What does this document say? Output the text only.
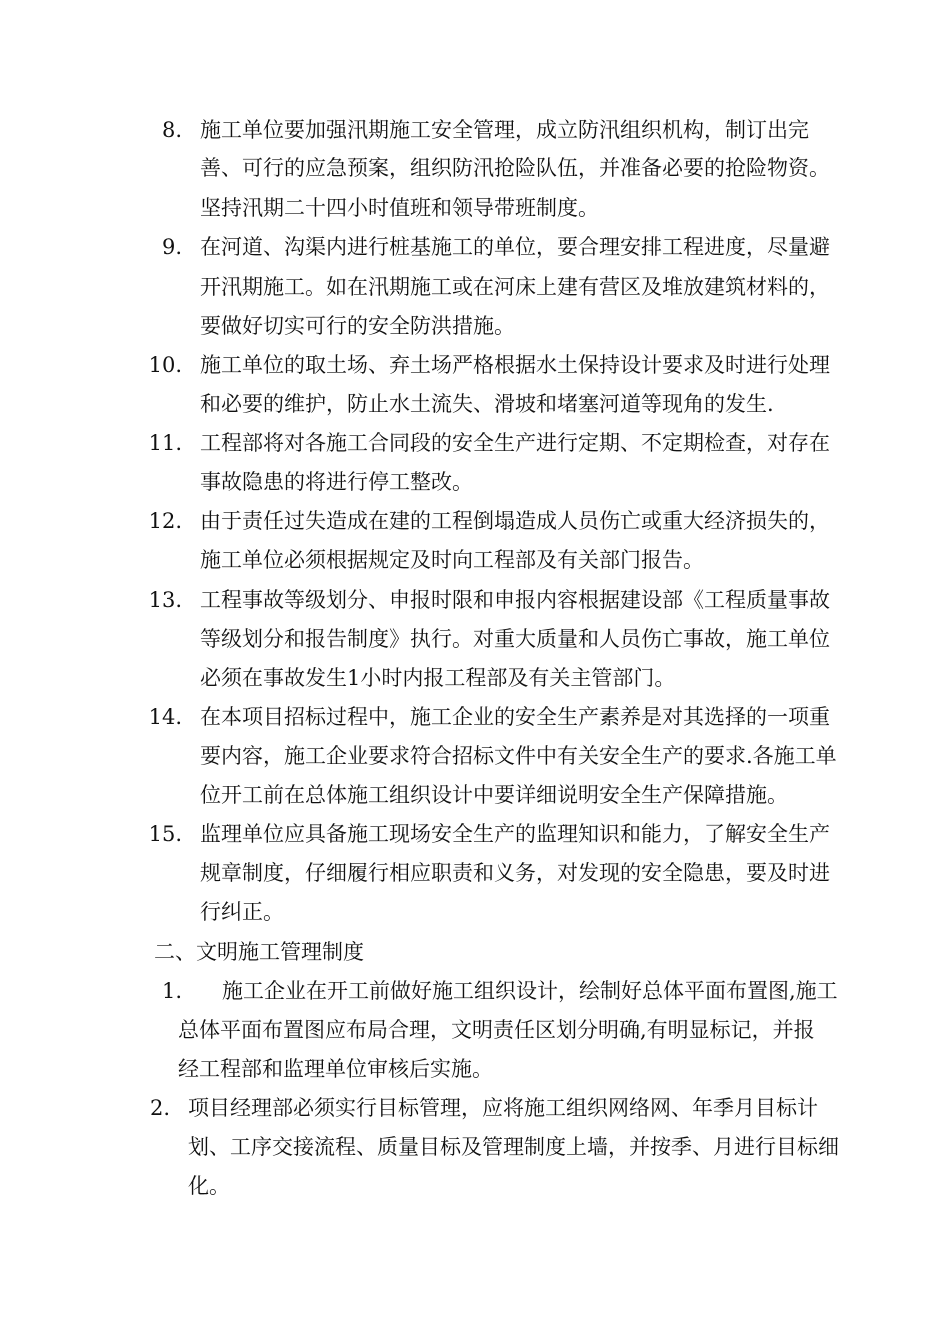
8. 施工单位要加强汛期施工安全管理，成立防汛组织机构，制订出完
善、可行的应急预案，组织防汛抢险队伍，并准备必要的抢险物资。
坚持汛期二十四小时值班和领导带班制度。
9. 在河道、沟渠内进行桩基施工的单位，要合理安排工程进度，尽量避
开汛期施工。如在汛期施工或在河床上建有营区及堆放建筑材料的，
要做好切实可行的安全防洪措施。
10. 施工单位的取土场、弃土场严格根据水土保持设计要求及时进行处理
和必要的维护，防止水土流失、滑坡和堵塞河道等现角的发生.
11. 工程部将对各施工合同段的安全生产进行定期、不定期检查，对存在
事故隐患的将进行停工整改。
12. 由于责任过失造成在建的工程倒塌造成人员伤亡或重大经济损失的，
施工单位必须根据规定及时向工程部及有关部门报告。
13. 工程事故等级划分、申报时限和申报内容根据建设部《工程质量事故
等级划分和报告制度》执行。对重大质量和人员伤亡事故，施工单位
必须在事故发生1小时内报工程部及有关主管部门。
14. 在本项目招标过程中，施工企业的安全生产素养是对其选择的一项重
要内容，施工企业要求符合招标文件中有关安全生产的要求.各施工单
位开工前在总体施工组织设计中要详细说明安全生产保障措施。
15. 监理单位应具备施工现场安全生产的监理知识和能力，了解安全生产
规章制度，仔细履行相应职责和义务，对发现的安全隐患，要及时进
行纠正。
二、文明施工管理制度
1. 施工企业在开工前做好施工组织设计，绘制好总体平面布置图,施工
总体平面布置图应布局合理，文明责任区划分明确,有明显标记，并报
经工程部和监理单位审核后实施。
2. 项目经理部必须实行目标管理，应将施工组织网络网、年季月目标计
划、工序交接流程、质量目标及管理制度上墙，并按季、月进行目标细
化。
